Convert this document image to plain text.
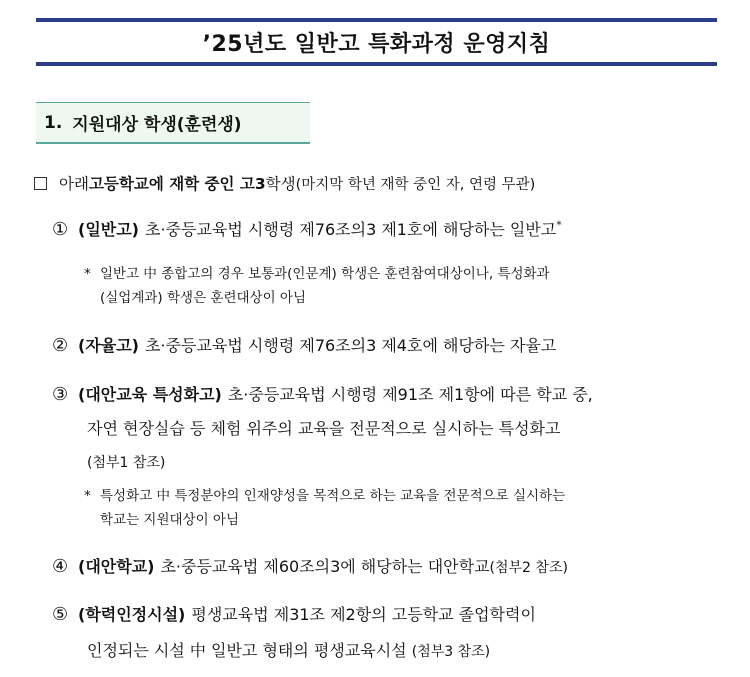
’25년도 일반고 특화과정 운영지침
1. 지원대상 학생(훈련생)
아래 고등학교에 재학 중인 고3 학생 (마지막 학년 재학 중인 자, 연령 무관)
① (일반고) 초·중등교육법 시행령 제76조의3 제1호에 해당하는 일반고*
* 일반고 中 종합고의 경우 보통과(인문계) 학생은 훈련참여대상이나, 특성화과
(실업계과) 학생은 훈련대상이 아님
② (자율고) 초·중등교육법 시행령 제76조의3 제4호에 해당하는 자율고
③ (대안교육 특성화고) 초·중등교육법 시행령 제91조 제1항에 따른 학교 중,
자연 현장실습 등 체험 위주의 교육을 전문적으로 실시하는 특성화고
(첨부1 참조)
* 특성화고 中 특정분야의 인재양성을 목적으로 하는 교육을 전문적으로 실시하는
학교는 지원대상이 아님
④ (대안학교) 초·중등교육법 제60조의3에 해당하는 대안학교(첨부2 참조)
⑤ (학력인정시설) 평생교육법 제31조 제2항의 고등학교 졸업학력이
인정되는 시설 中 일반고 형태의 평생교육시설 (첨부3 참조)
